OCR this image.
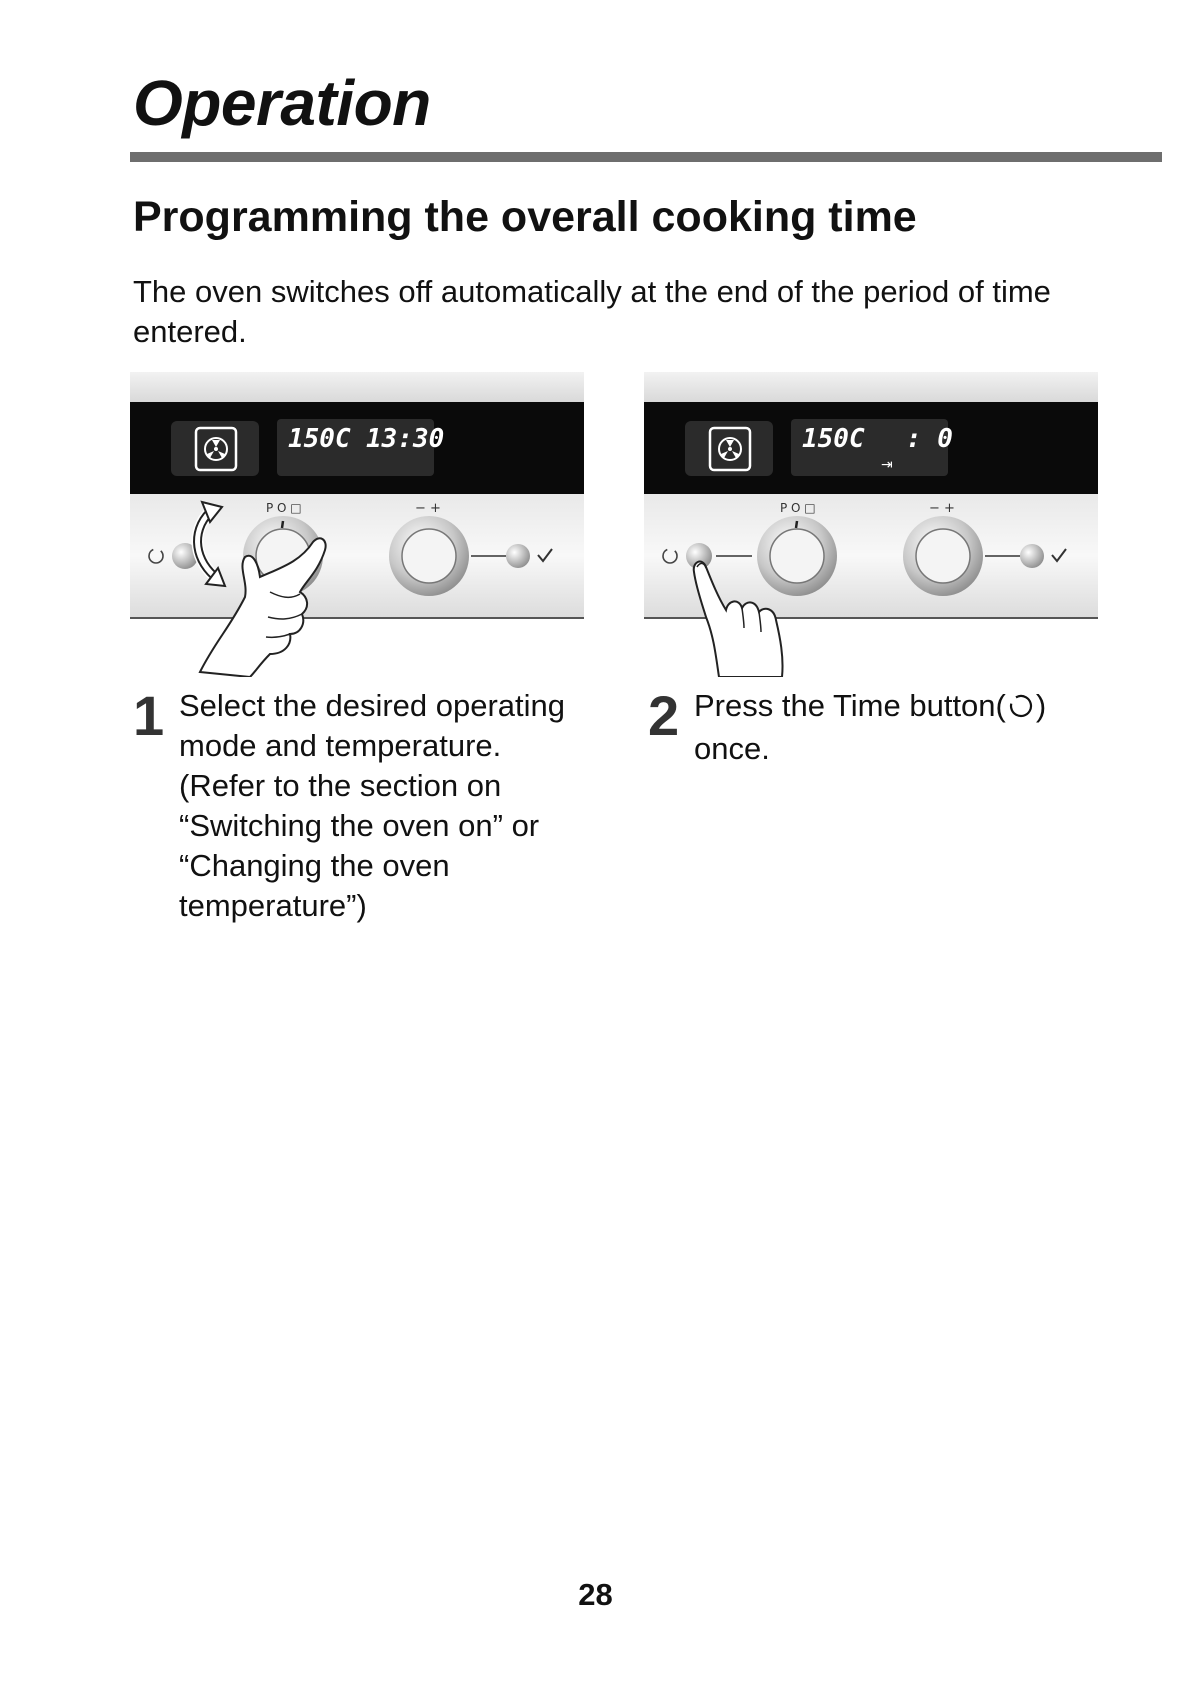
Operation
Programming the overall cooking time

The oven switches off automatically at the end of the period of time entered.

150C 13:30
P O □	− +
150C : 0
⇥
P O □	− +
1 Select the desired operating
mode and temperature.
(Refer to the section on
“Switching the oven on” or
“Changing the oven
temperature”)
2 Press the Time button( )
once.
28
